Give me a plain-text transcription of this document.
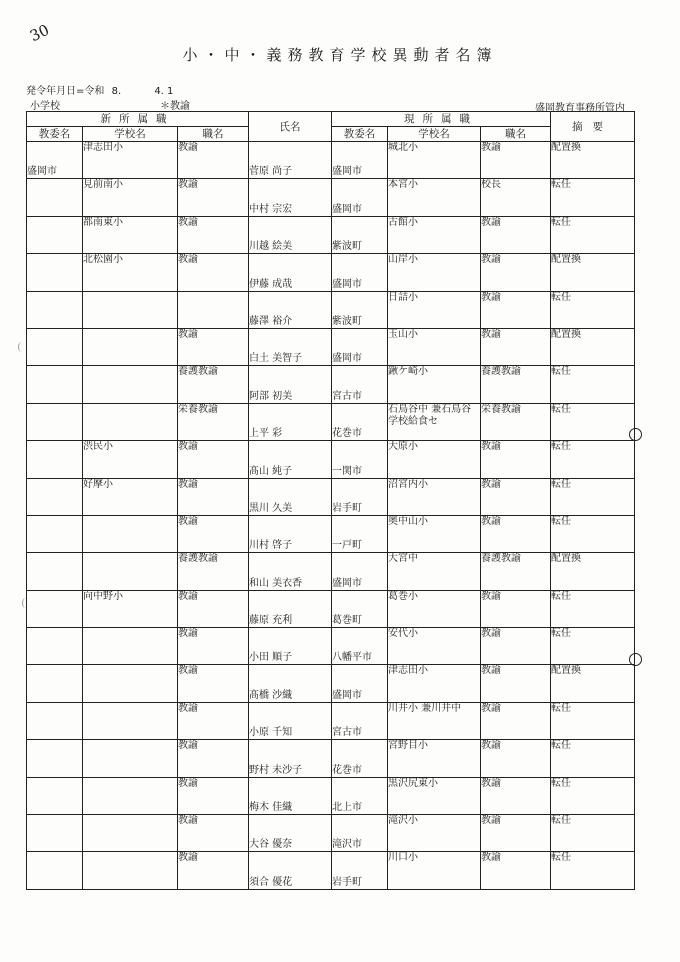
30
小・中・義務教育学校異動者名簿
発令年月日=令和 8.	4. 1
小学校	＊教諭	盛岡教育事務所管内
新所属職			氏名	現所属職			摘要
教委名	学校名	職名		教委名	学校名	職名	
盛岡市	津志田小	教諭	菅原 尚子	盛岡市	城北小	教諭	配置換
	見前南小	教諭	中村 宗宏	盛岡市	本宮小	校長	転任
	都南東小	教諭	川越 絵美	紫波町	古館小	教諭	転任
	北松園小	教諭	伊藤 成哉	盛岡市	山岸小	教諭	配置換
			藤澤 裕介	紫波町	日詰小	教諭	転任
		教諭	白土 美智子	盛岡市	玉山小	教諭	配置換
		養護教諭	阿部 初美	宮古市	鍬ケ崎小	養護教諭	転任
		栄養教諭	上平 彩	花巻市	石鳥谷中 兼石鳥谷学校給食セ	栄養教諭	転任
	渋民小	教諭	髙山 純子	一関市	大原小	教諭	転任
	好摩小	教諭	黒川 久美	岩手町	沼宮内小	教諭	転任
		教諭	川村 啓子	一戸町	奥中山小	教諭	転任
		養護教諭	和山 美衣香	盛岡市	大宮中	養護教諭	配置換
	向中野小	教諭	藤原 充利	葛巻町	葛巻小	教諭	転任
		教諭	小田 順子	八幡平市	安代小	教諭	転任
		教諭	髙橋 沙織	盛岡市	津志田小	教諭	配置換
		教諭	小原 千知	宮古市	川井小 兼川井中	教諭	転任
		教諭	野村 未沙子	花巻市	宮野目小	教諭	転任
		教諭	梅木 佳織	北上市	黒沢尻東小	教諭	転任
		教諭	大谷 優奈	滝沢市	滝沢小	教諭	転任
		教諭	須合 優花	岩手町	川口小	教諭	転任
